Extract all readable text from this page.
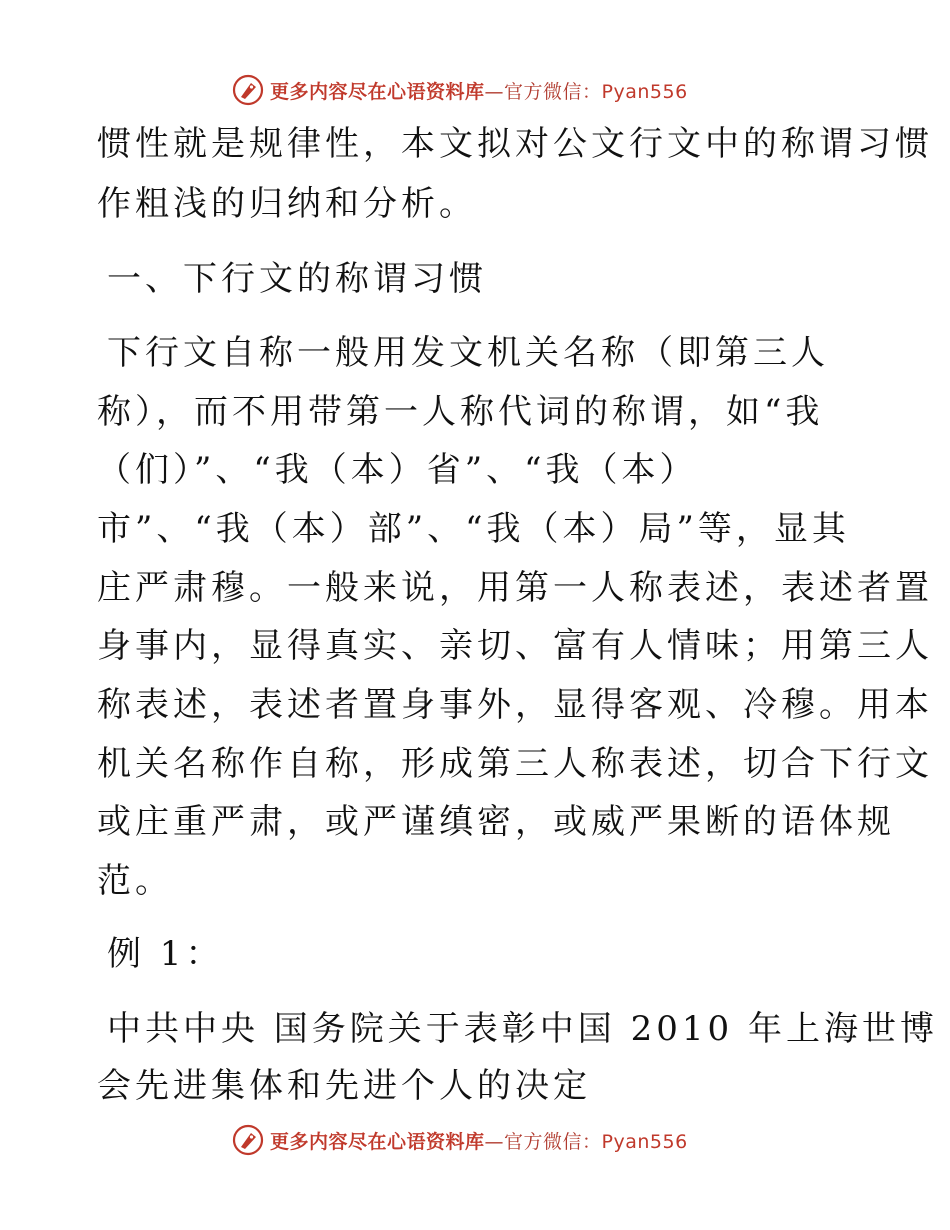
更多内容尽在心语资料库—官方微信：Pyan556
惯性就是规律性，本文拟对公文行文中的称谓习惯
作粗浅的归纳和分析。
一、下行文的称谓习惯
下行文自称一般用发文机关名称（即第三人
称），而不用带第一人称代词的称谓，如“我
（们）”、“我（本）省”、“我（本）
市”、“我（本）部”、“我（本）局”等，显其
庄严肃穆。一般来说，用第一人称表述，表述者置
身事内，显得真实、亲切、富有人情味；用第三人
称表述，表述者置身事外，显得客观、冷穆。用本
机关名称作自称，形成第三人称表述，切合下行文
或庄重严肃，或严谨缜密，或威严果断的语体规
范。
例 1：
中共中央 国务院关于表彰中国 2010 年上海世博
会先进集体和先进个人的决定
更多内容尽在心语资料库—官方微信：Pyan556
